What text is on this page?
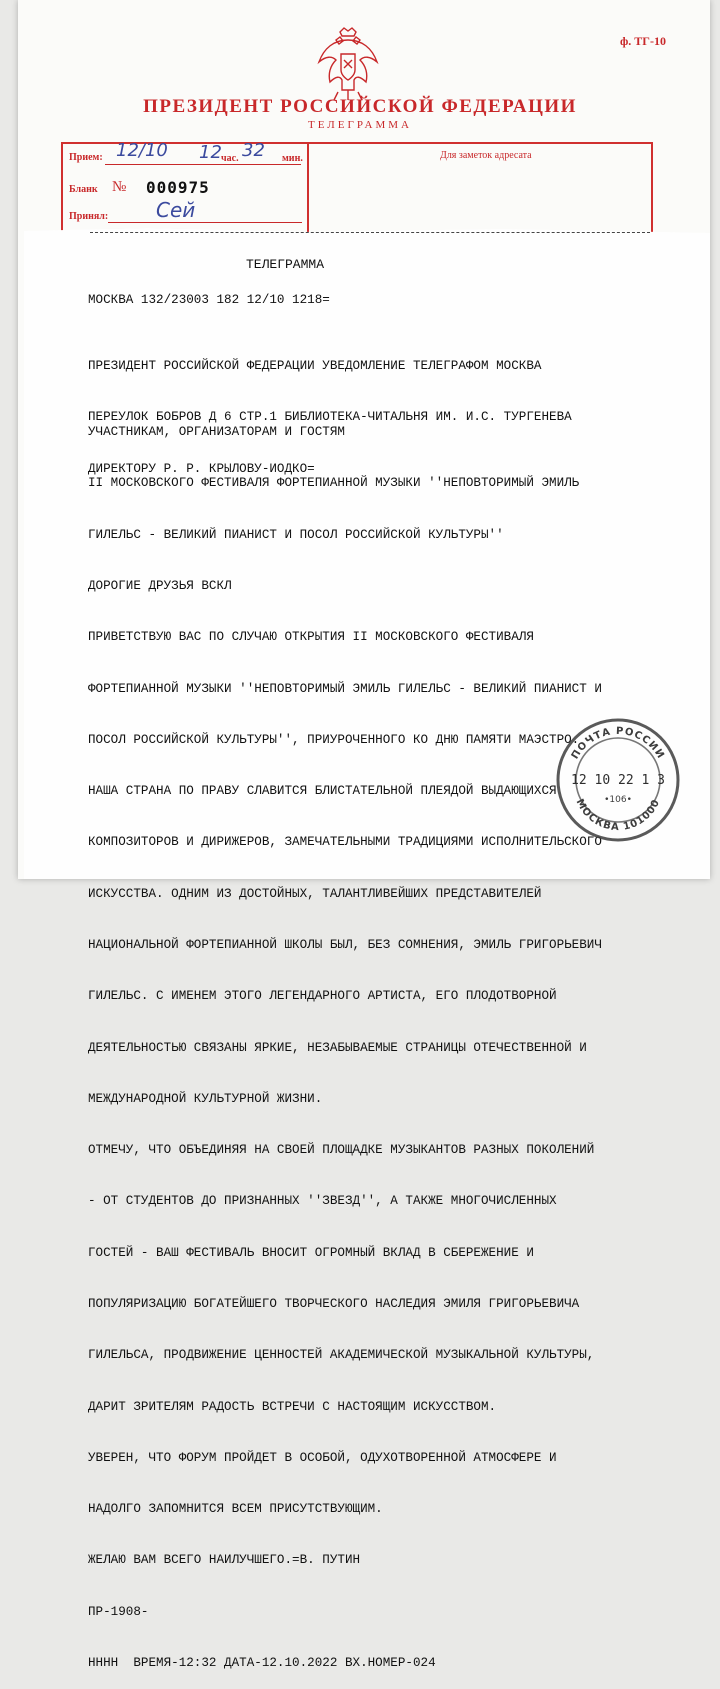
ф. ТГ-10
ПРЕЗИДЕНТ РОССИЙСКОЙ ФЕДЕРАЦИИ
ТЕЛЕГРАММА
Прием: 12/10 12 час. 32 мин.
Бланк № 000975
Принял: Сей
Для заметок адресата
ТЕЛЕГРАММА
МОСКВА 132/23003 182 12/10 1218=

ПРЕЗИДЕНТ РОССИЙСКОЙ ФЕДЕРАЦИИ УВЕДОМЛЕНИЕ ТЕЛЕГРАФОМ МОСКВА

ПЕРЕУЛОК БОБРОВ Д 6 СТР.1 БИБЛИОТЕКА-ЧИТАЛЬНЯ ИМ. И.С. ТУРГЕНЕВА

ДИРЕКТОРУ Р. Р. КРЫЛОВУ-ИОДКО=

УЧАСТНИКАМ, ОРГАНИЗАТОРАМ И ГОСТЯМ

II МОСКОВСКОГО ФЕСТИВАЛЯ ФОРТЕПИАННОЙ МУЗЫКИ ''НЕПОВТОРИМЫЙ ЭМИЛЬ

ГИЛЕЛЬС - ВЕЛИКИЙ ПИАНИСТ И ПОСОЛ РОССИЙСКОЙ КУЛЬТУРЫ''

ДОРОГИЕ ДРУЗЬЯ ВСКЛ

ПРИВЕТСТВУЮ ВАС ПО СЛУЧАЮ ОТКРЫТИЯ II МОСКОВСКОГО ФЕСТИВАЛЯ

ФОРТЕПИАННОЙ МУЗЫКИ ''НЕПОВТОРИМЫЙ ЭМИЛЬ ГИЛЕЛЬС - ВЕЛИКИЙ ПИАНИСТ И

ПОСОЛ РОССИЙСКОЙ КУЛЬТУРЫ'', ПРИУРОЧЕННОГО КО ДНЮ ПАМЯТИ МАЭСТРО.

НАША СТРАНА ПО ПРАВУ СЛАВИТСЯ БЛИСТАТЕЛЬНОЙ ПЛЕЯДОЙ ВЫДАЮЩИХСЯ

КОМПОЗИТОРОВ И ДИРИЖЕРОВ, ЗАМЕЧАТЕЛЬНЫМИ ТРАДИЦИЯМИ ИСПОЛНИТЕЛЬСКОГО

ИСКУССТВА. ОДНИМ ИЗ ДОСТОЙНЫХ, ТАЛАНТЛИВЕЙШИХ ПРЕДСТАВИТЕЛЕЙ

НАЦИОНАЛЬНОЙ ФОРТЕПИАННОЙ ШКОЛЫ БЫЛ, БЕЗ СОМНЕНИЯ, ЭМИЛЬ ГРИГОРЬЕВИЧ

ГИЛЕЛЬС. С ИМЕНЕМ ЭТОГО ЛЕГЕНДАРНОГО АРТИСТА, ЕГО ПЛОДОТВОРНОЙ

ДЕЯТЕЛЬНОСТЬЮ СВЯЗАНЫ ЯРКИЕ, НЕЗАБЫВАЕМЫЕ СТРАНИЦЫ ОТЕЧЕСТВЕННОЙ И

МЕЖДУНАРОДНОЙ КУЛЬТУРНОЙ ЖИЗНИ.

ОТМЕЧУ, ЧТО ОБЪЕДИНЯЯ НА СВОЕЙ ПЛОЩАДКЕ МУЗЫКАНТОВ РАЗНЫХ ПОКОЛЕНИЙ

- ОТ СТУДЕНТОВ ДО ПРИЗНАННЫХ ''ЗВЕЗД'', А ТАКЖЕ МНОГОЧИСЛЕННЫХ

ГОСТЕЙ - ВАШ ФЕСТИВАЛЬ ВНОСИТ ОГРОМНЫЙ ВКЛАД В СБЕРЕЖЕНИЕ И

ПОПУЛЯРИЗАЦИЮ БОГАТЕЙШЕГО ТВОРЧЕСКОГО НАСЛЕДИЯ ЭМИЛЯ ГРИГОРЬЕВИЧА

ГИЛЕЛЬСА, ПРОДВИЖЕНИЕ ЦЕННОСТЕЙ АКАДЕМИЧЕСКОЙ МУЗЫКАЛЬНОЙ КУЛЬТУРЫ,

ДАРИТ ЗРИТЕЛЯМ РАДОСТЬ ВСТРЕЧИ С НАСТОЯЩИМ ИСКУССТВОМ.

УВЕРЕН, ЧТО ФОРУМ ПРОЙДЕТ В ОСОБОЙ, ОДУХОТВОРЕННОЙ АТМОСФЕРЕ И

НАДОЛГО ЗАПОМНИТСЯ ВСЕМ ПРИСУТСТВУЮЩИМ.

ЖЕЛАЮ ВАМ ВСЕГО НАИЛУЧШЕГО.=В. ПУТИН

ПР-1908-

НННН  ВРЕМЯ-12:32 ДАТА-12.10.2022 ВХ.НОМЕР-024

ПОЧТА РОССИИ
МОСКВА 101000
12 10 22 1 3
•106•
